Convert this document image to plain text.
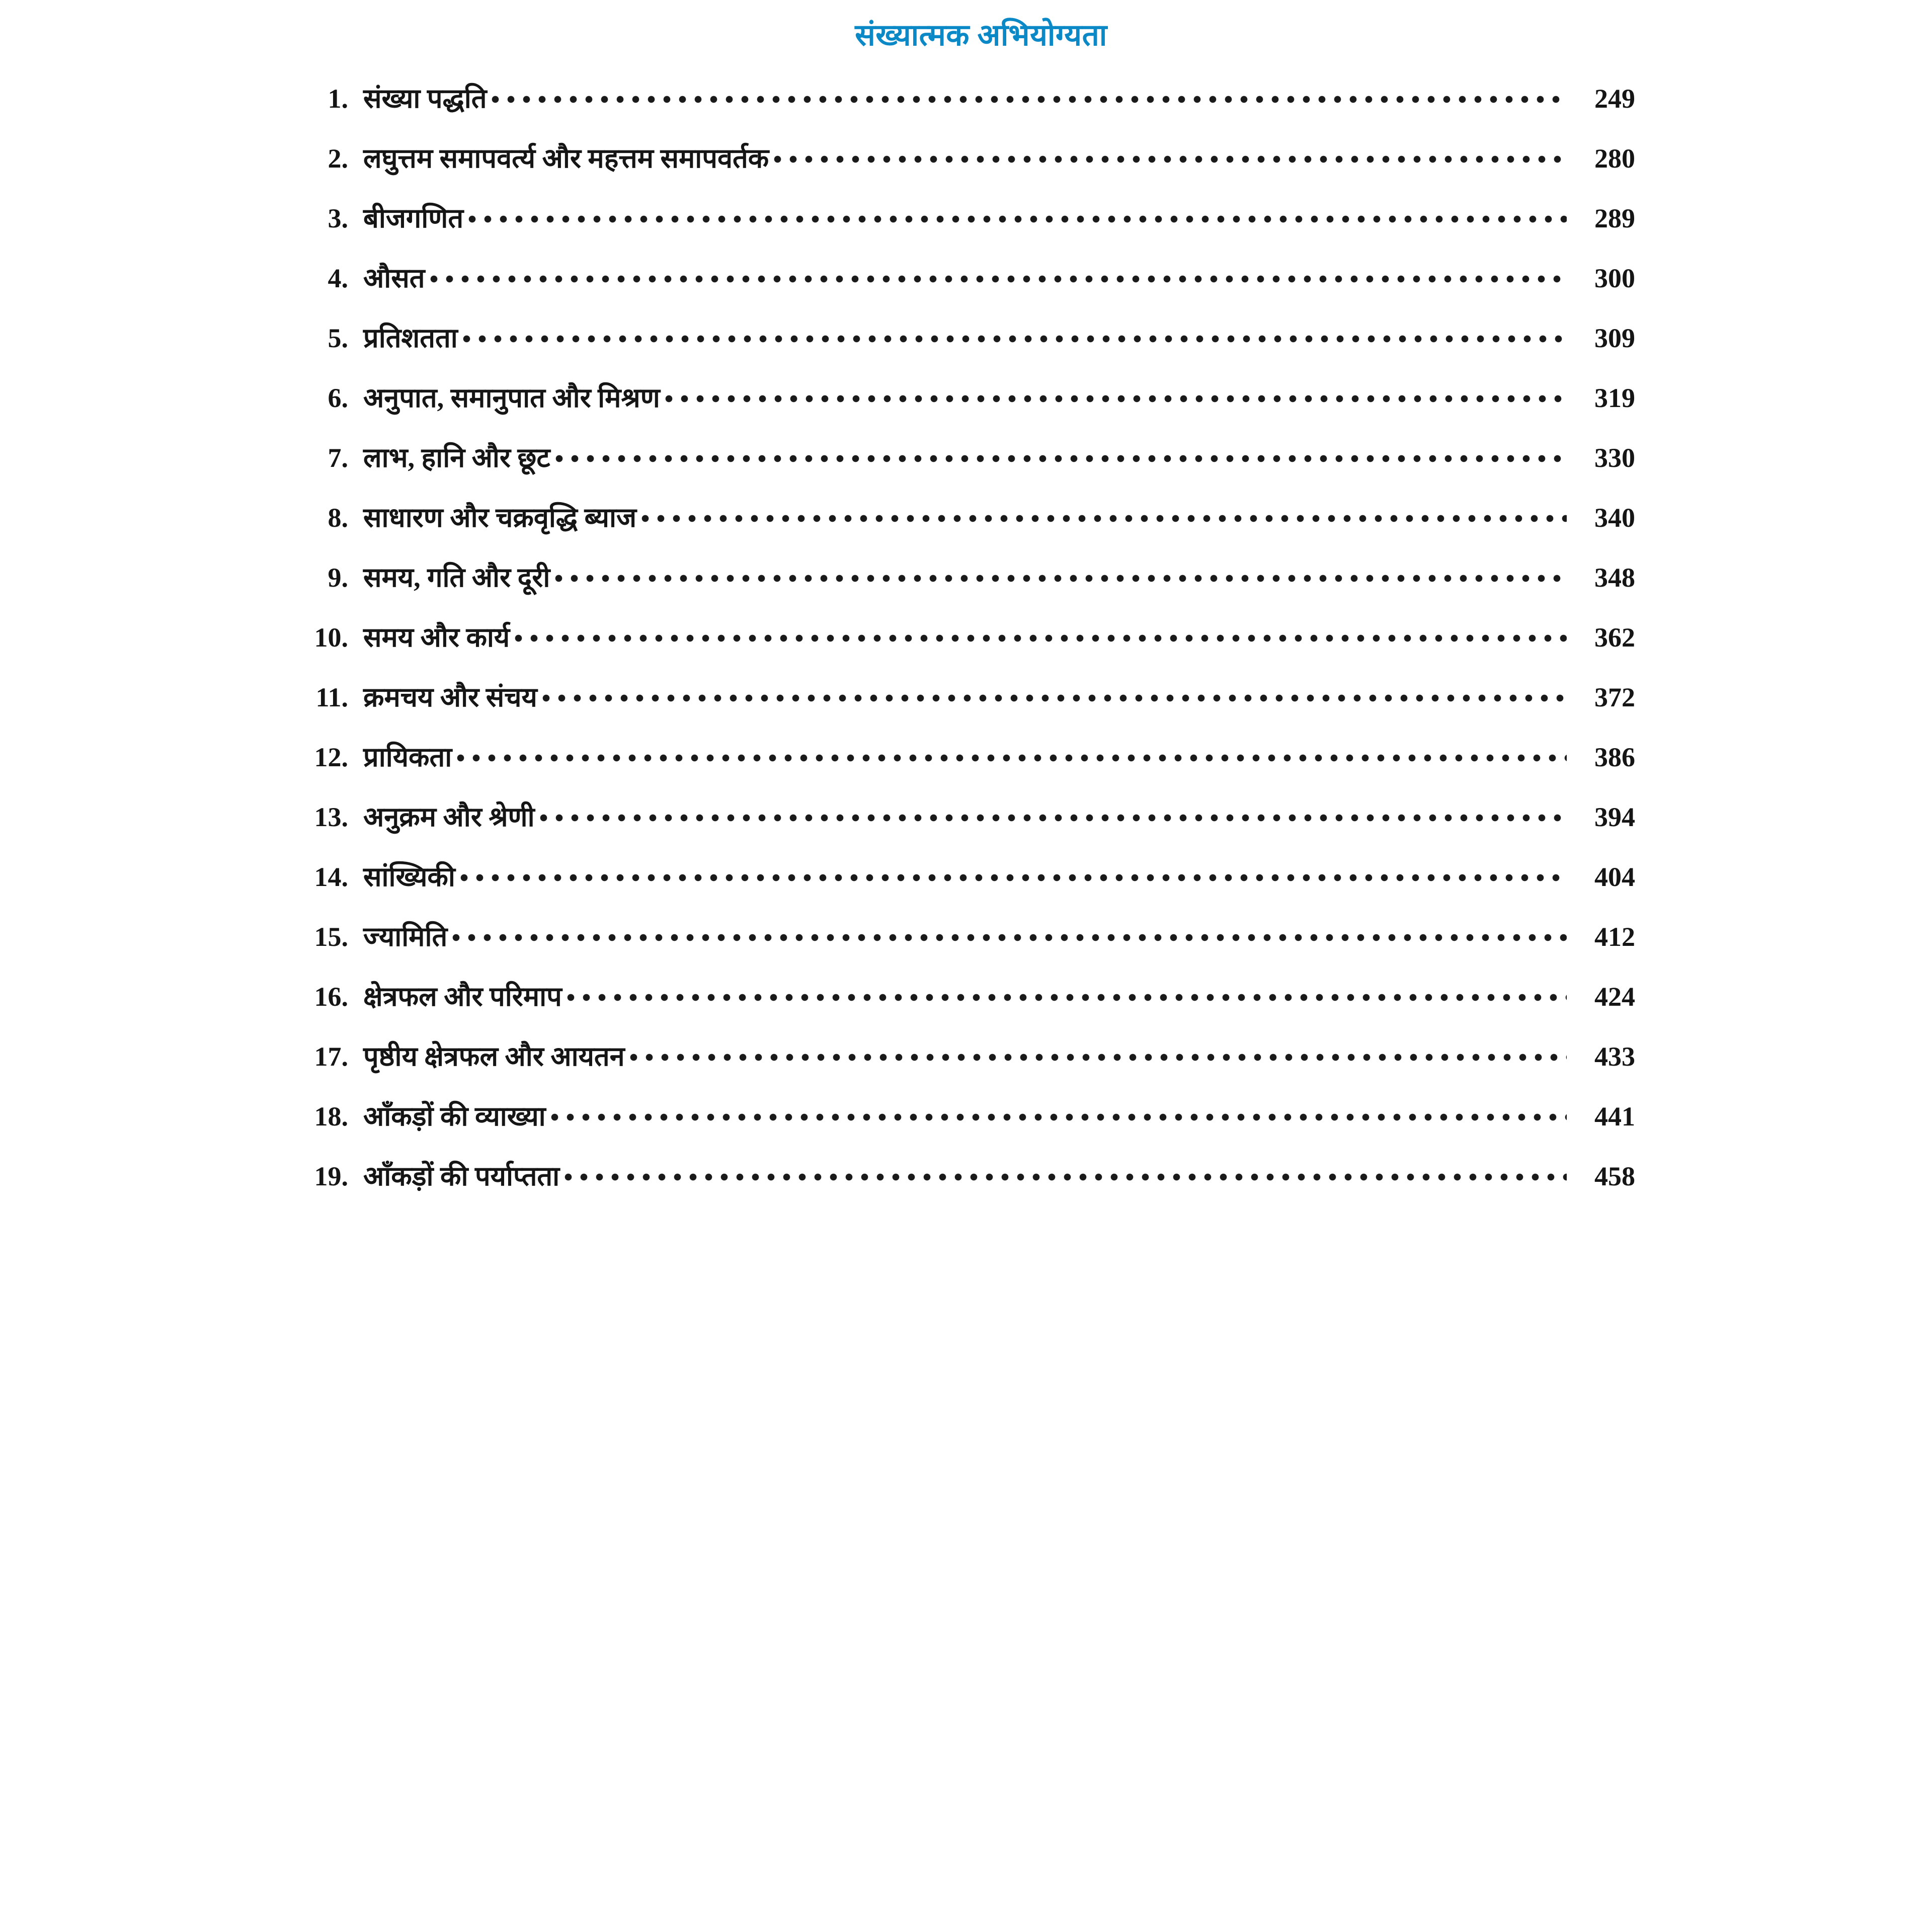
संख्यात्मक अभियोग्यता
1. संख्या पद्धति	249
2. लघुत्तम समापवर्त्य और महत्तम समापवर्तक	280
3. बीजगणित	289
4. औसत	300
5. प्रतिशतता	309
6. अनुपात, समानुपात और मिश्रण	319
7. लाभ, हानि और छूट	330
8. साधारण और चक्रवृद्धि ब्याज	340
9. समय, गति और दूरी	348
10. समय और कार्य	362
11. क्रमचय और संचय	372
12. प्रायिकता	386
13. अनुक्रम और श्रेणी	394
14. सांख्यिकी	404
15. ज्यामिति	412
16. क्षेत्रफल और परिमाप	424
17. पृष्ठीय क्षेत्रफल और आयतन	433
18. आँकड़ों की व्याख्या	441
19. आँकड़ों की पर्याप्तता	458
